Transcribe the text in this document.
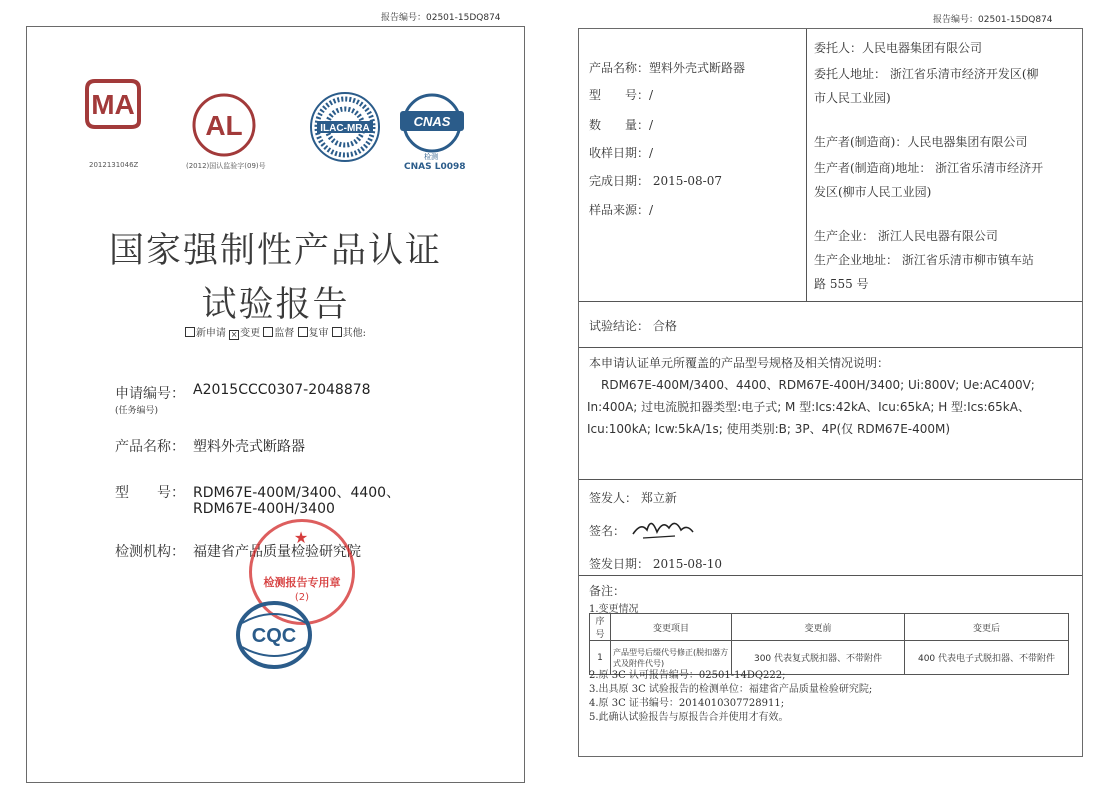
报告编号：02501-15DQ874
MA
AL	ILAC-MRA	CNAS
2012131046Z	(2012)国认监验字(09)号
检测
CNAS L0098
国家强制性产品认证
试验报告
新申请 × 变更 监督 复审 其他:
申请编号：
(任务编号)
A2015CCC0307-2048878
产品名称： 塑料外壳式断路器
型　　号： RDM67E-400M/3400、4400、
RDM67E-400H/3400
检测机构： 福建省产品质量检验研究院
检测报告专用章
(2)
★
CQC
报告编号：02501-15DQ874
产品名称：塑料外壳式断路器
型　　号：/
数　　量：/
收样日期：/
完成日期： 2015-08-07
样品来源：/
委托人：人民电器集团有限公司
委托人地址： 浙江省乐清市经济开发区(柳
市人民工业园)
生产者(制造商)：人民电器集团有限公司
生产者(制造商)地址： 浙江省乐清市经济开
发区(柳市人民工业园)
生产企业： 浙江人民电器有限公司
生产企业地址： 浙江省乐清市柳市镇车站
路 555 号
试验结论： 合格
本申请认证单元所覆盖的产品型号规格及相关情况说明：
RDM67E-400M/3400、4400、RDM67E-400H/3400; Ui:800V; Ue:AC400V;
In:400A; 过电流脱扣器类型:电子式; M 型:Ics:42kA、Icu:65kA; H 型:Ics:65kA、
Icu:100kA; Icw:5kA/1s; 使用类别:B; 3P、4P(仅 RDM67E-400M)
签发人： 郑立新
签名：
签发日期： 2015-08-10
备注：
1.变更情况
序号	变更项目	变更前	变更后
1	产品型号后缀代号修正(脱扣器方式及附件代号)	300 代表复式脱扣器、不带附件	400 代表电子式脱扣器、不带附件
2.原 3C 认可报告编号：02501-14DQ222;
3.出具原 3C 试验报告的检测单位：福建省产品质量检验研究院;
4.原 3C 证书编号：2014010307728911;
5.此确认试验报告与原报告合并使用才有效。
